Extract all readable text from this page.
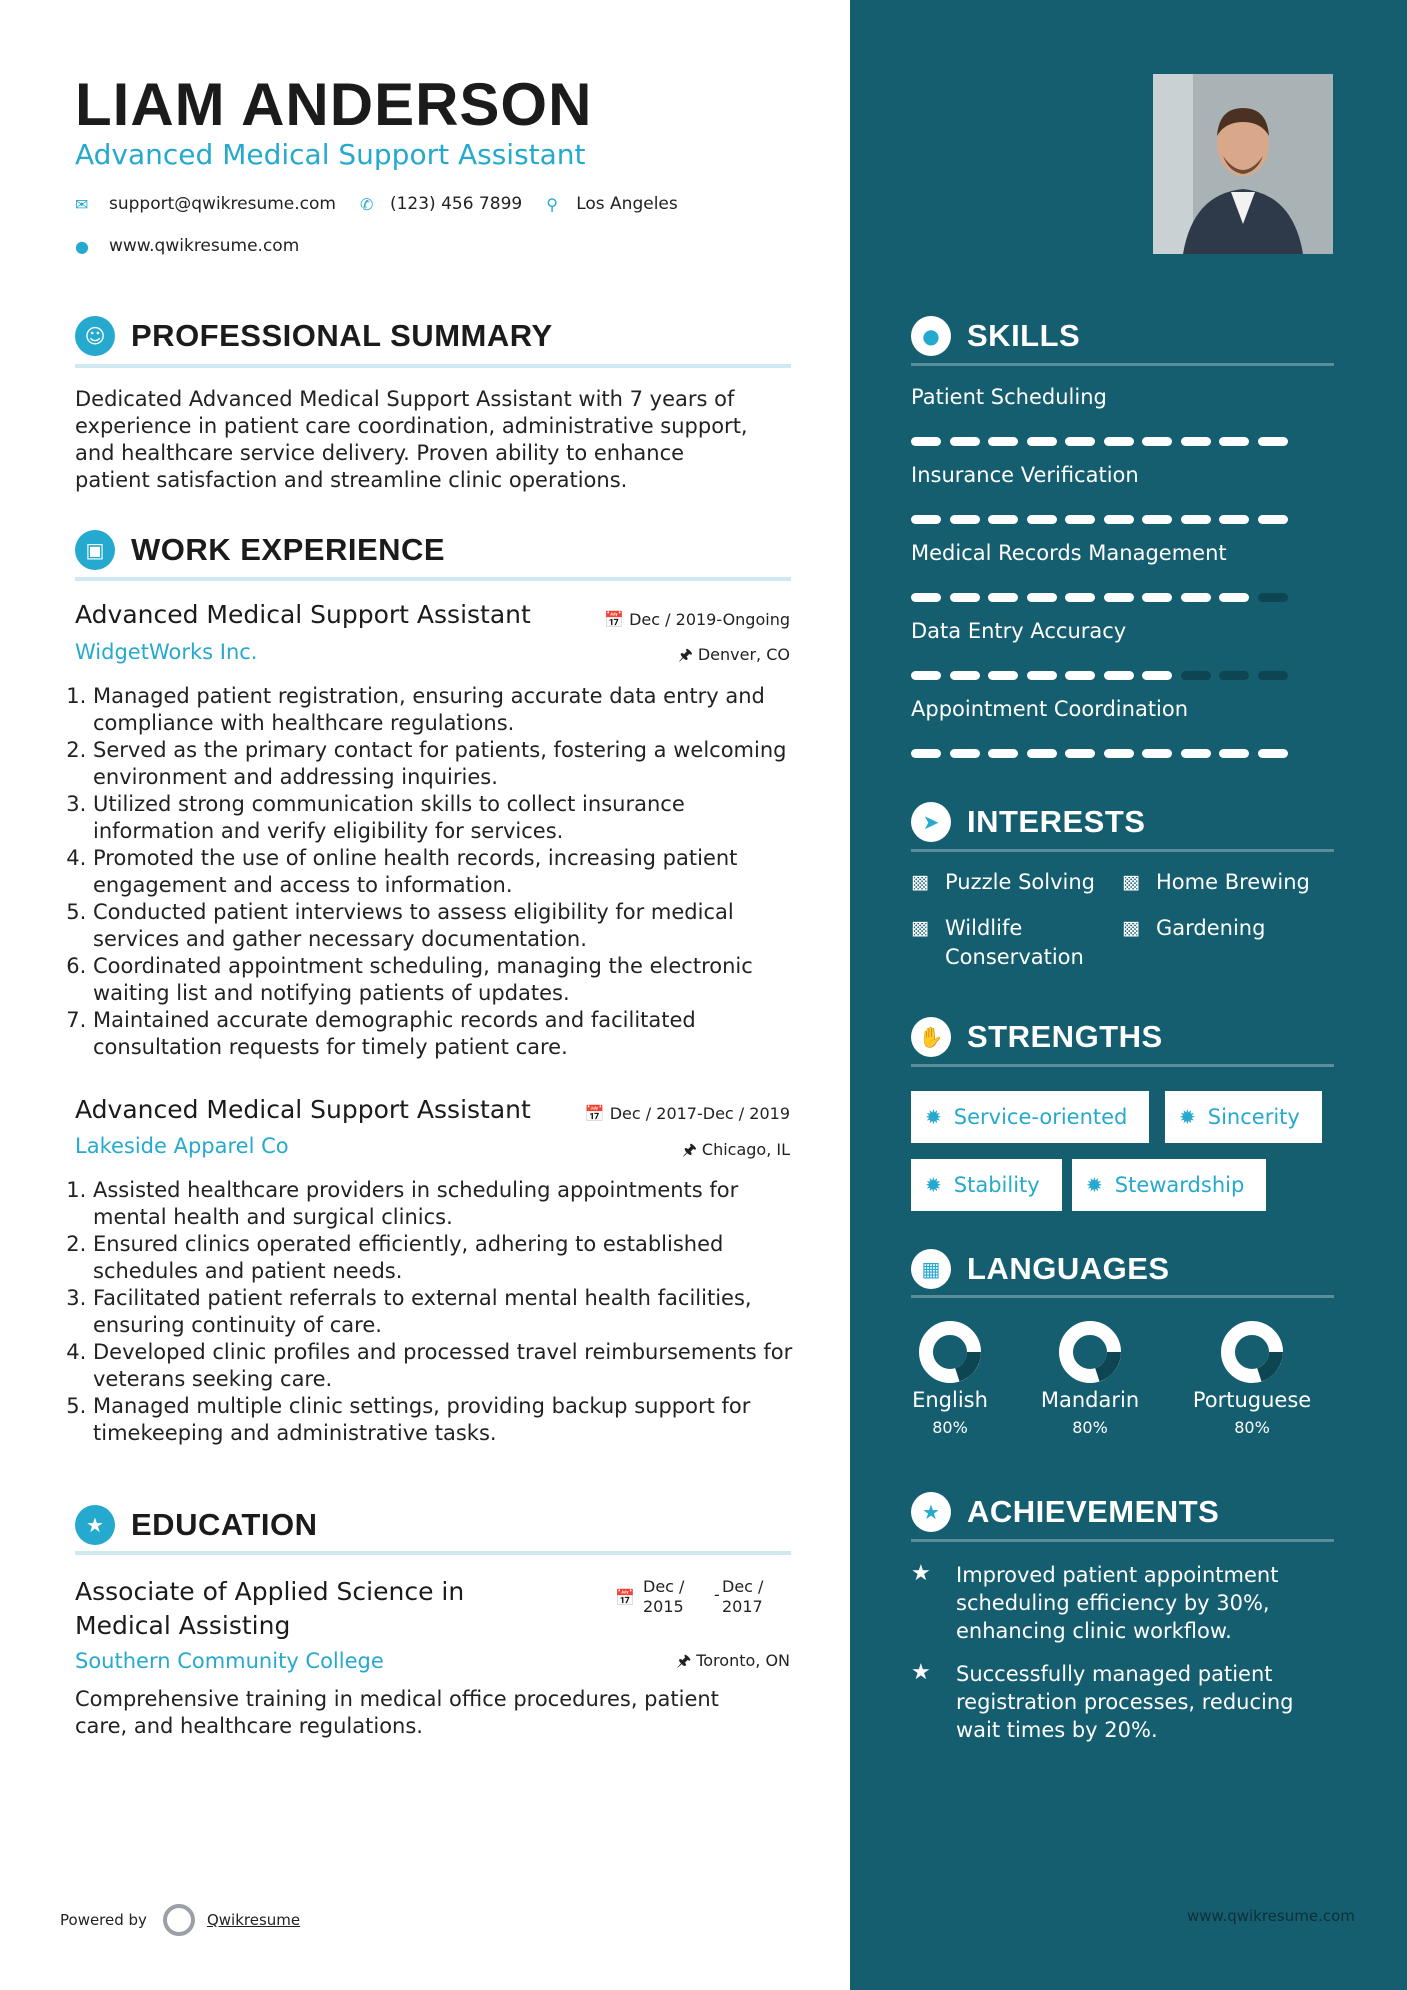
LIAM ANDERSON
Advanced Medical Support Assistant
✉	support@qwikresume.com ✆ (123) 456 7899 ⚲	Los Angeles
●	www.qwikresume.com
☺ PROFESSIONAL SUMMARY
Dedicated Advanced Medical Support Assistant with 7 years of
experience in patient care coordination, administrative support,
and healthcare service delivery. Proven ability to enhance
patient satisfaction and streamline clinic operations.
▣ WORK EXPERIENCE
Advanced Medical Support Assistant	📅 Dec / 2019-Ongoing
WidgetWorks Inc.	🖈 Denver, CO
1. Managed patient registration, ensuring accurate data entry and compliance with healthcare regulations.
2. Served as the primary contact for patients, fostering a welcoming environment and addressing inquiries.
3. Utilized strong communication skills to collect insurance information and verify eligibility for services.
4. Promoted the use of online health records, increasing patient engagement and access to information.
5. Conducted patient interviews to assess eligibility for medical services and gather necessary documentation.
6. Coordinated appointment scheduling, managing the electronic waiting list and notifying patients of updates.
7. Maintained accurate demographic records and facilitated consultation requests for timely patient care.
Advanced Medical Support Assistant	📅 Dec / 2017-Dec / 2019
Lakeside Apparel Co	🖈 Chicago, IL
1. Assisted healthcare providers in scheduling appointments for mental health and surgical clinics.
2. Ensured clinics operated efficiently, adhering to established schedules and patient needs.
3. Facilitated patient referrals to external mental health facilities, ensuring continuity of care.
4. Developed clinic profiles and processed travel reimbursements for veterans seeking care.
5. Managed multiple clinic settings, providing backup support for timekeeping and administrative tasks.
★ EDUCATION
Associate of Applied Science in
Medical Assisting
📅
Dec /
2015
- Dec /
2017
Southern Community College	🖈 Toronto, ON
Comprehensive training in medical office procedures, patient
care, and healthcare regulations.
Powered by	Qwikresume
● SKILLS
Patient Scheduling
Insurance Verification
Medical Records Management
Data Entry Accuracy
Appointment Coordination
➤ INTERESTS
▩ Puzzle Solving ▩ Home Brewing
▩ Wildlife
Conservation
▩ Gardening
✋ STRENGTHS
✹ Service-oriented	✹ Sincerity
✹ Stability ✹ Stewardship
▦ LANGUAGES
English
80%
Mandarin
80%
Portuguese
80%
★ ACHIEVEMENTS
★	Improved patient appointment
scheduling efficiency by 30%,
enhancing clinic workflow.
★	Successfully managed patient
registration processes, reducing
wait times by 20%.
www.qwikresume.com
